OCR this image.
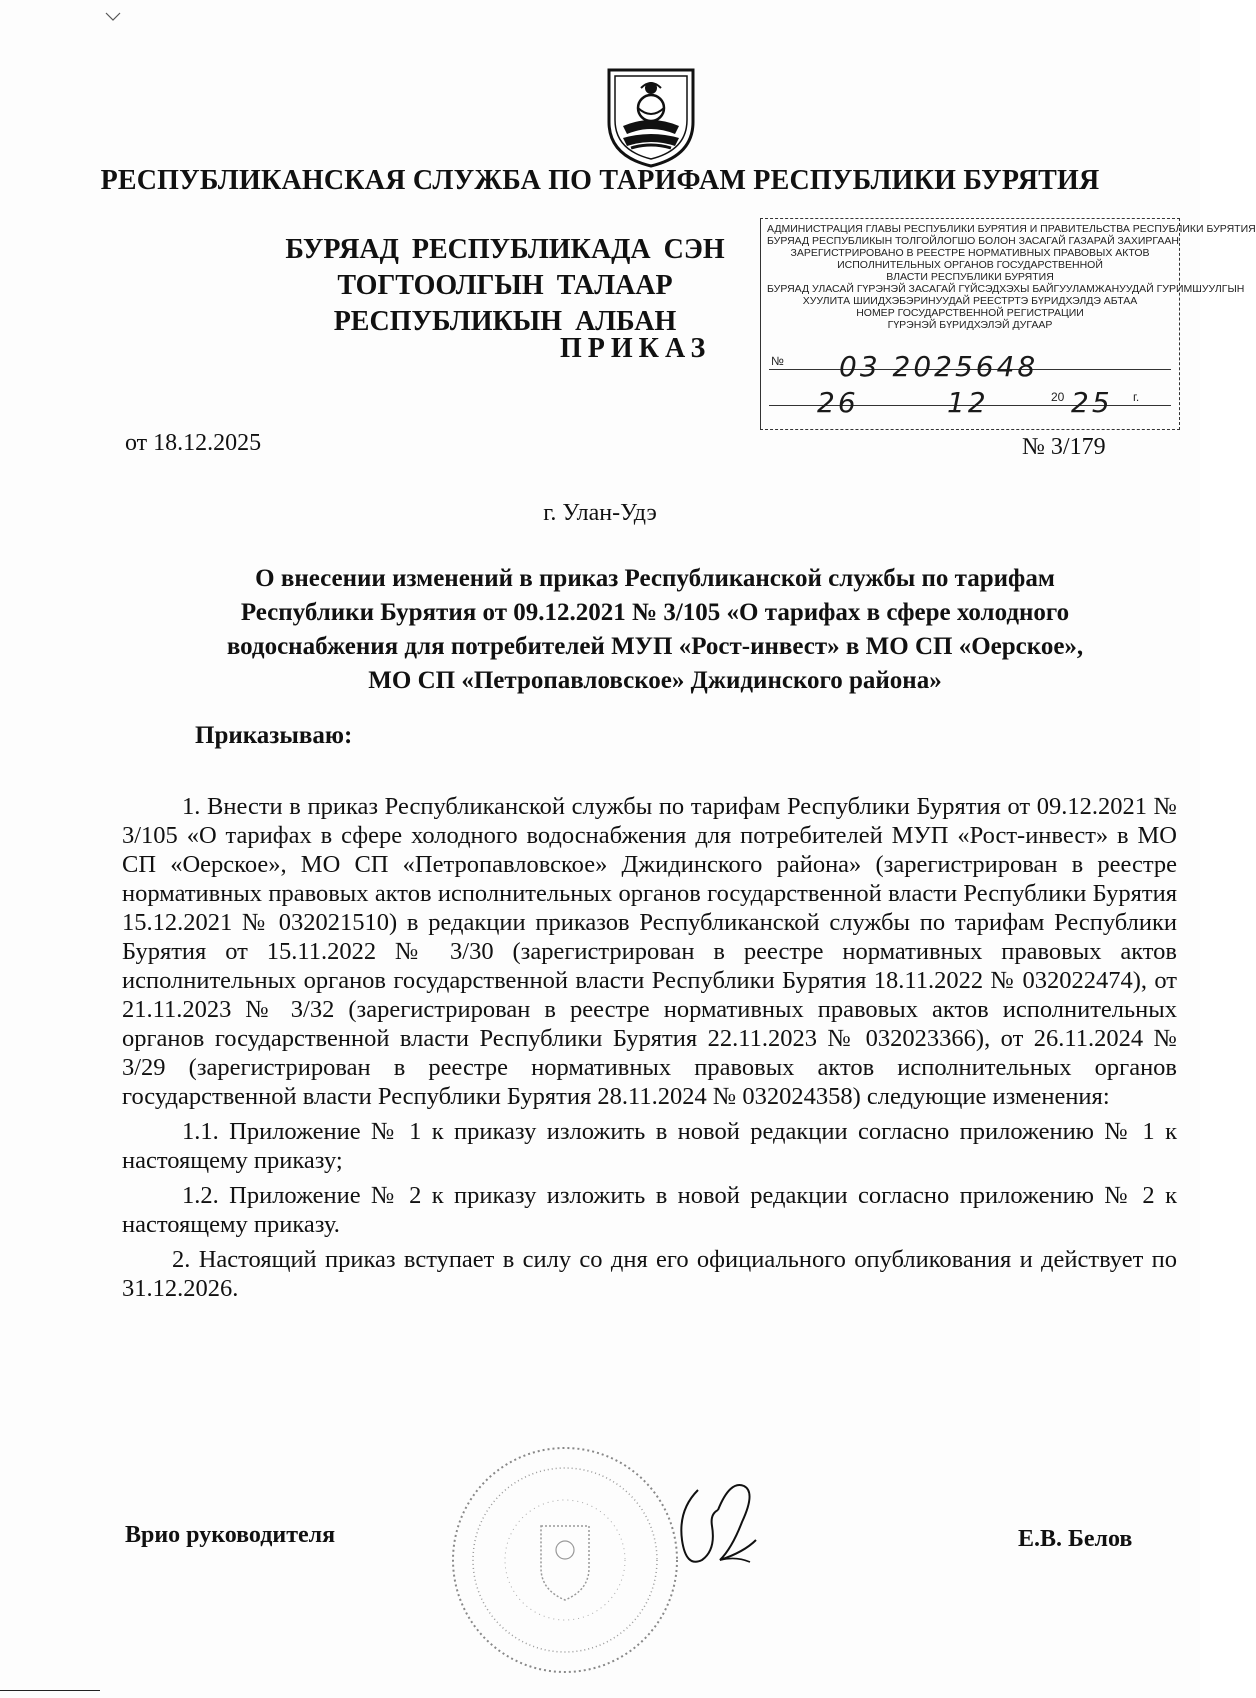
РЕСПУБЛИКАНСКАЯ СЛУЖБА ПО ТАРИФАМ РЕСПУБЛИКИ БУРЯТИЯ
БУРЯАД РЕСПУБЛИКАДА СЭН ТОГТООЛГЫН ТАЛААР
РЕСПУБЛИКЫН АЛБАН
ПРИКАЗ
АДМИНИСТРАЦИЯ ГЛАВЫ РЕСПУБЛИКИ БУРЯТИЯ И ПРАВИТЕЛЬСТВА РЕСПУБЛИКИ БУРЯТИЯ
БУРЯАД РЕСПУБЛИКЫН ТОЛГОЙЛОГШО БОЛОН ЗАСАГАЙ ГАЗАРАЙ ЗАХИРГААН
ЗАРЕГИСТРИРОВАНО В РЕЕСТРЕ НОРМАТИВНЫХ ПРАВОВЫХ АКТОВ
ИСПОЛНИТЕЛЬНЫХ ОРГАНОВ ГОСУДАРСТВЕННОЙ
ВЛАСТИ РЕСПУБЛИКИ БУРЯТИЯ
БУРЯАД УЛАСАЙ ГҮРЭНЭЙ ЗАСАГАЙ ГҮЙСЭДХЭХЫ БАЙГУУЛАМЖАНУУДАЙ ГУРИМШУУЛГЫН
ХУУЛИТА ШИИДХЭБЭРИНУУДАЙ РЕЕСТРТЭ БҮРИДХЭЛДЭ АБТАА
НОМЕР ГОСУДАРСТВЕННОЙ РЕГИСТРАЦИИ
ГҮРЭНЭЙ БҮРИДХЭЛЭЙ ДУГААР
№ 03 2025648
26	12	20 25 г.
от 18.12.2025	№ 3/179
г. Улан-Удэ
О внесении изменений в приказ Республиканской службы по тарифам
Республики Бурятия от 09.12.2021 № 3/105 «О тарифах в сфере холодного
водоснабжения для потребителей МУП «Рост-инвест» в МО СП «Оерское»,
МО СП «Петропавловское» Джидинского района»
Приказываю:

1. Внести в приказ Республиканской службы по тарифам Республики Бурятия от 09.12.2021 № 3/105 «О тарифах в сфере холодного водоснабжения для потребителей МУП «Рост-инвест» в МО СП «Оерское», МО СП «Петропавловское» Джидинского района» (зарегистрирован в реестре нормативных правовых актов исполнительных органов государственной власти Республики Бурятия 15.12.2021 № 032021510) в редакции приказов Республиканской службы по тарифам Республики Бурятия от 15.11.2022 № 3/30 (зарегистрирован в реестре нормативных правовых актов исполнительных органов государственной власти Республики Бурятия 18.11.2022 № 032022474), от 21.11.2023 № 3/32 (зарегистрирован в реестре нормативных правовых актов исполнительных органов государственной власти Республики Бурятия 22.11.2023 № 032023366), от 26.11.2024 № 3/29 (зарегистрирован в реестре нормативных правовых актов исполнительных органов государственной власти Республики Бурятия 28.11.2024 № 032024358) следующие изменения:

1.1. Приложение № 1 к приказу изложить в новой редакции согласно приложению № 1 к настоящему приказу;

1.2. Приложение № 2 к приказу изложить в новой редакции согласно приложению № 2 к настоящему приказу.

2. Настоящий приказ вступает в силу со дня его официального опубликования и действует по 31.12.2026.

Врио руководителя	Е.В. Белов
